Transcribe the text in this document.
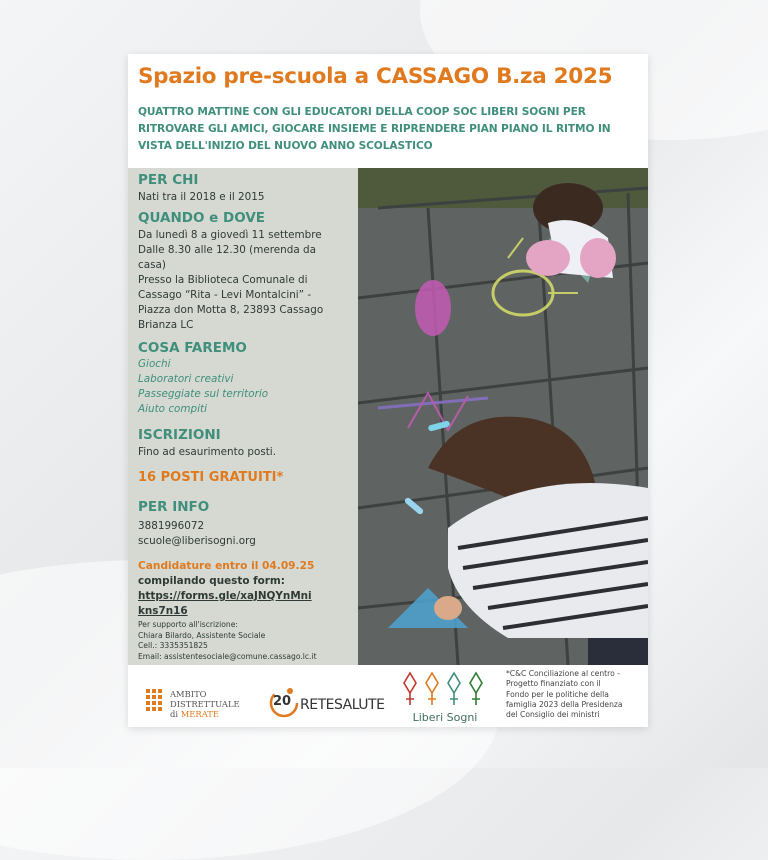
Spazio pre-scuola a CASSAGO B.za 2025
QUATTRO MATTINE CON GLI EDUCATORI DELLA COOP SOC LIBERI SOGNI PER RITROVARE GLI AMICI, GIOCARE INSIEME E RIPRENDERE PIAN PIANO IL RITMO IN VISTA DELL'INIZIO DEL NUOVO ANNO SCOLASTICO
PER CHI
Nati tra il 2018 e il 2015
QUANDO e DOVE
Da lunedì 8 a giovedì 11 settembre
Dalle 8.30 alle 12.30 (merenda da
casa)
Presso la Biblioteca Comunale di
Cassago “Rita - Levi Montalcini” -
Piazza don Motta 8, 23893 Cassago
Brianza LC
COSA FAREMO
Giochi
Laboratori creativi
Passeggiate sul territorio
Aiuto compiti
ISCRIZIONI
Fino ad esaurimento posti.
16 POSTI GRATUITI*
PER INFO
3881996072
scuole@liberisogni.org
Candidature entro il 04.09.25
compilando questo form:
https://forms.gle/xaJNQYnMni
kns7n16
Per supporto all'iscrizione:
Chiara Bilardo, Assistente Sociale
Cell.: 3335351825
Email: assistentesociale@comune.cassago.lc.it
AMBITO
DISTRETTUALE
di MERATE
20 RETESALUTE
Liberi Sogni
*C&C Conciliazione al centro -
Progetto finanziato con il
Fondo per le politiche della
famiglia 2023 della Presidenza
del Consiglio dei ministri
